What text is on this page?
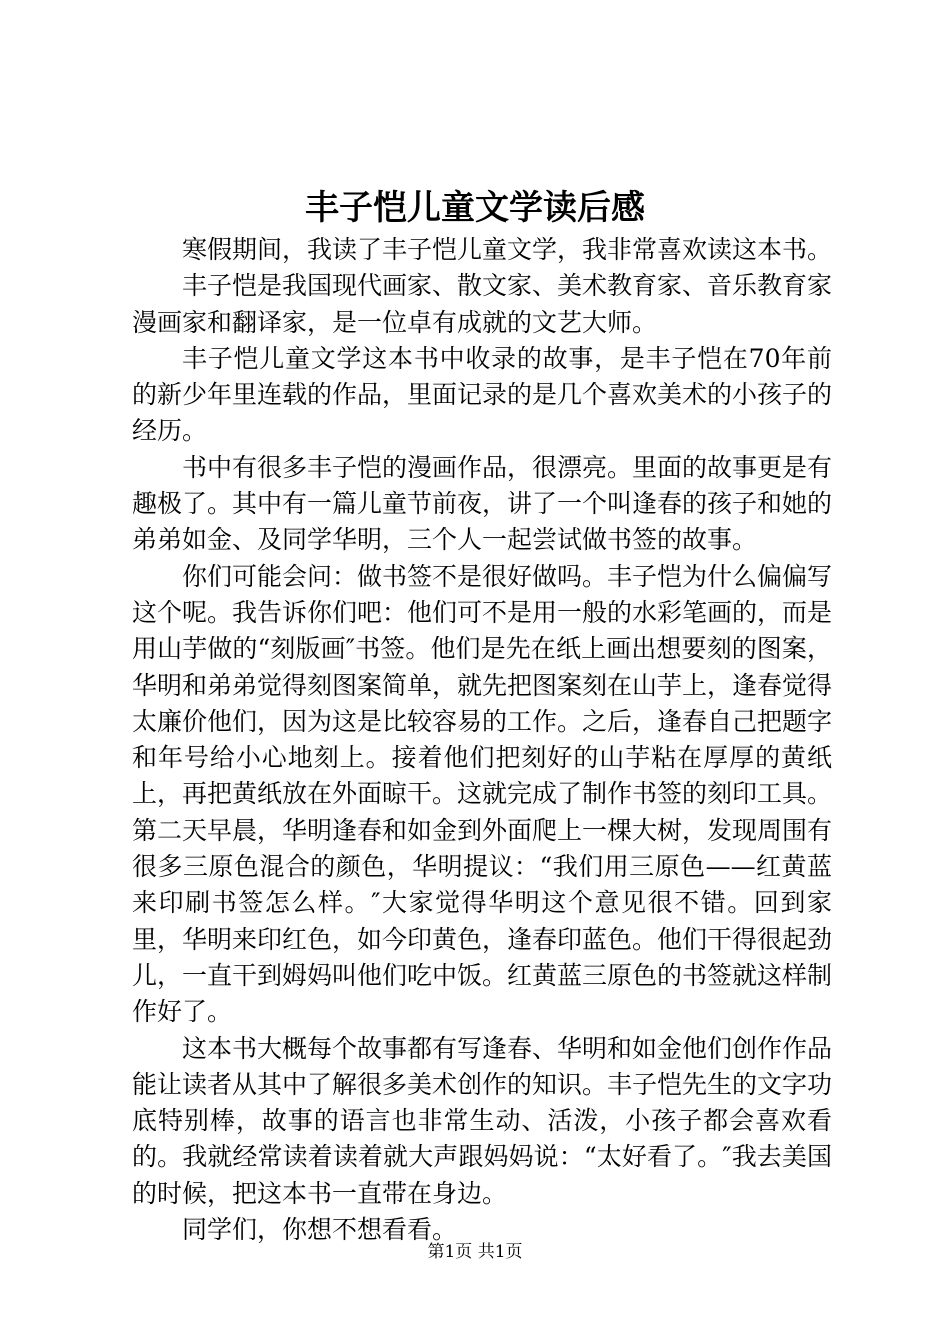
丰子恺儿童文学读后感

寒假期间，我读了丰子恺儿童文学，我非常喜欢读这本书。

丰子恺是我国现代画家、散文家、美术教育家、音乐教育家漫画家和翻译家，是一位卓有成就的文艺大师。

丰子恺儿童文学这本书中收录的故事，是丰子恺在70年前的新少年里连载的作品，里面记录的是几个喜欢美术的小孩子的经历。

书中有很多丰子恺的漫画作品，很漂亮。里面的故事更是有趣极了。其中有一篇儿童节前夜，讲了一个叫逢春的孩子和她的弟弟如金、及同学华明，三个人一起尝试做书签的故事。

你们可能会问：做书签不是很好做吗。丰子恺为什么偏偏写这个呢。我告诉你们吧：他们可不是用一般的水彩笔画的，而是用山芋做的“刻版画″书签。他们是先在纸上画出想要刻的图案，华明和弟弟觉得刻图案简单，就先把图案刻在山芋上，逢春觉得太廉价他们，因为这是比较容易的工作。之后，逢春自己把题字和年号给小心地刻上。接着他们把刻好的山芋粘在厚厚的黄纸上，再把黄纸放在外面晾干。这就完成了制作书签的刻印工具。第二天早晨，华明逢春和如金到外面爬上一棵大树，发现周围有很多三原色混合的颜色，华明提议：“我们用三原色——红黄蓝来印刷书签怎么样。″大家觉得华明这个意见很不错。回到家里，华明来印红色，如今印黄色，逢春印蓝色。他们干得很起劲儿，一直干到姆妈叫他们吃中饭。红黄蓝三原色的书签就这样制作好了。

这本书大概每个故事都有写逢春、华明和如金他们创作作品能让读者从其中了解很多美术创作的知识。丰子恺先生的文字功底特别棒，故事的语言也非常生动、活泼，小孩子都会喜欢看的。我就经常读着读着就大声跟妈妈说：“太好看了。″我去美国的时候，把这本书一直带在身边。

同学们，你想不想看看。

第1页 共1页
